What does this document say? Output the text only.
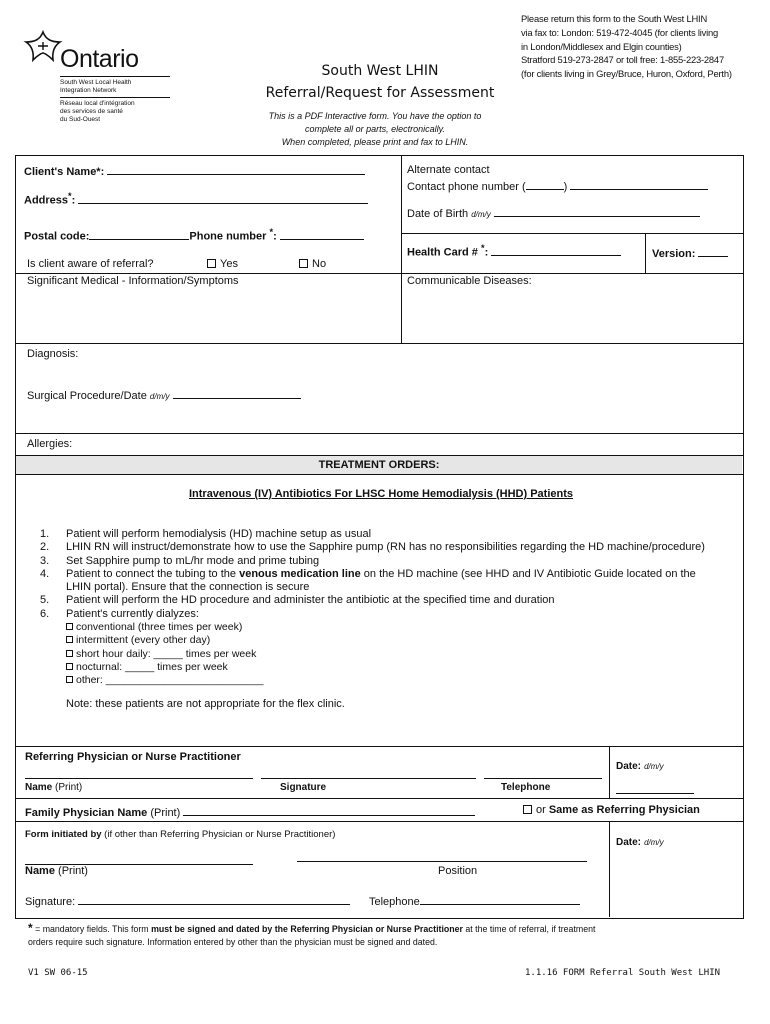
Ontario
South West Local Health
Integration Network
Réseau local d'intégration
des services de santé
du Sud-Ouest
South West LHIN
Referral/Request for Assessment
This is a PDF Interactive form. You have the option to
complete all or parts, electronically.
When completed, please print and fax to LHIN.
Please return this form to the South West LHIN
via fax to: London: 519-472-4045 (for clients living
in London/Middlesex and Elgin counties)
Stratford 519-273-2847 or toll free: 1-855-223-2847
(for clients living in Grey/Bruce, Huron, Oxford, Perth)
Client's Name*:
Address*:
Postal code:	Phone number *:
Is client aware of referral?	Yes	No
Alternate contact
Contact phone number (	)
Date of Birth d/m/y
Health Card # *:	Version:
Significant Medical - Information/Symptoms	Communicable Diseases:
Diagnosis:
Surgical Procedure/Date d/m/y
Allergies:
TREATMENT ORDERS:
Intravenous (IV) Antibiotics For LHSC Home Hemodialysis (HHD) Patients
1. Patient will perform hemodialysis (HD) machine setup as usual
2. LHIN RN will instruct/demonstrate how to use the Sapphire pump (RN has no responsibilities regarding the HD machine/procedure)
3. Set Sapphire pump to mL/hr mode and prime tubing
4. Patient to connect the tubing to the venous medication line on the HD machine (see HHD and IV Antibiotic Guide located on the
LHIN portal). Ensure that the connection is secure
5. Patient will perform the HD procedure and administer the antibiotic at the specified time and duration
6. Patient's currently dialyzes:
conventional (three times per week)
intermittent (every other day)
short hour daily: _____ times per week
nocturnal: _____ times per week
other: ___________________________
Note: these patients are not appropriate for the flex clinic.
Referring Physician or Nurse Practitioner
Date: d/m/y
Name (Print)	Signature	Telephone
Family Physician Name (Print)	or Same as Referring Physician
Form initiated by (if other than Referring Physician or Nurse Practitioner)
Date: d/m/y
Name (Print)	Position
Signature:	Telephone
* = mandatory fields. This form must be signed and dated by the Referring Physician or Nurse Practitioner at the time of referral, if treatment
orders require such signature. Information entered by other than the physician must be signed and dated.
V1 SW 06-15	1.1.16 FORM Referral South West LHIN
